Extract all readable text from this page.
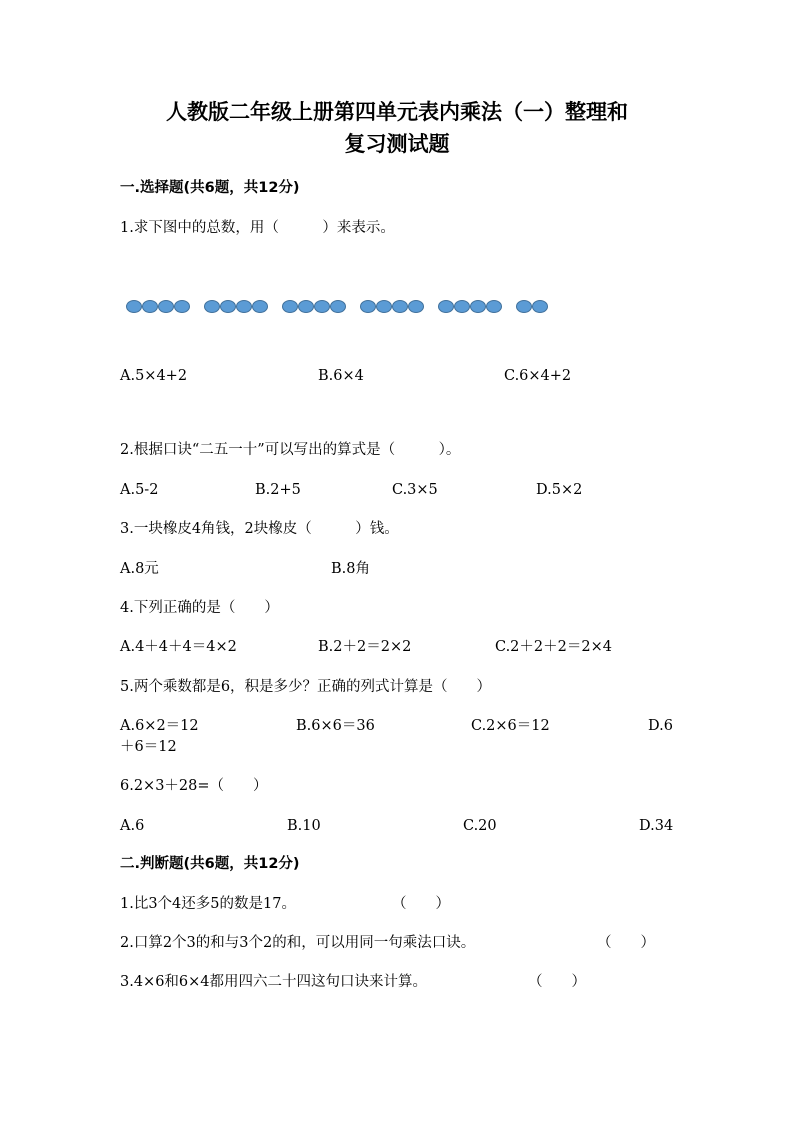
人教版二年级上册第四单元表内乘法（一）整理和
复习测试题
一.选择题(共6题，共12分)
1.求下图中的总数，用（　　　）来表示。
A.5×4+2	B.6×4	C.6×4+2
2.根据口诀“二五一十”可以写出的算式是（　　　）。
A.5-2	B.2+5	C.3×5	D.5×2
3.一块橡皮4角钱，2块橡皮（　　　）钱。
A.8元	B.8角
4.下列正确的是（　　）
A.4＋4＋4＝4×2	B.2＋2＝2×2	C.2＋2＋2＝2×4
5.两个乘数都是6，积是多少？正确的列式计算是（　　）
A.6×2＝12	B.6×6＝36	C.2×6＝12	D.6
＋6＝12
6.2×3＋28=（　　）
A.6	B.10	C.20	D.34
二.判断题(共6题，共12分)
1.比3个4还多5的数是17。	（　　）
2.口算2个3的和与3个2的和，可以用同一句乘法口诀。	（　　）
3.4×6和6×4都用四六二十四这句口诀来计算。	（　　）
